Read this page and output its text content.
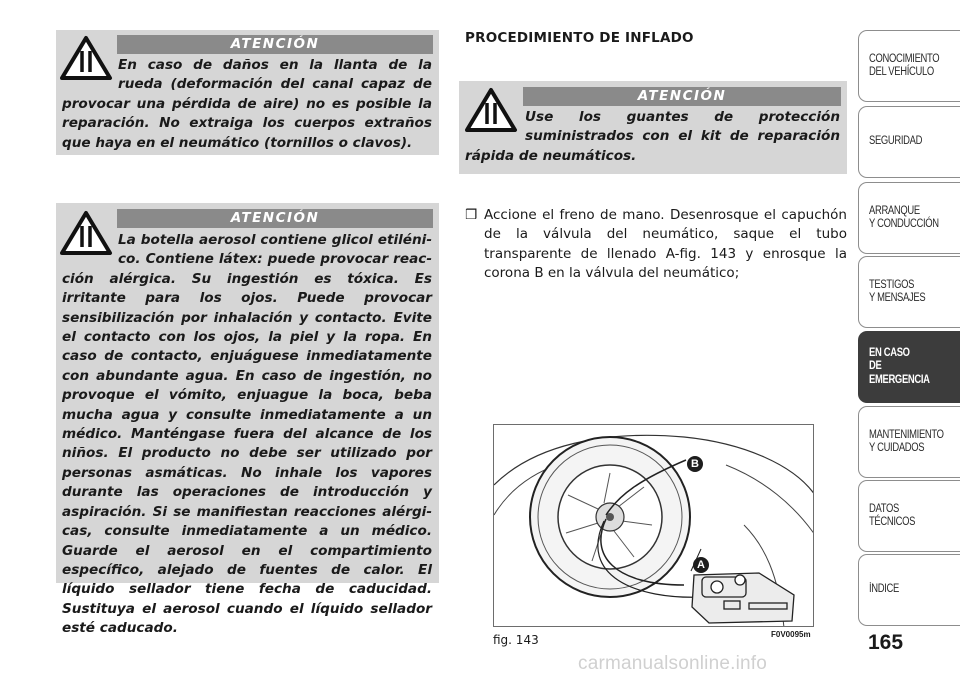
ATENCIÓN
En caso de daños en la llanta de la rueda (deformación del canal capaz de provocar una pérdida de aire) no es posible la reparación. No extraiga los cuerpos extraños que haya en el neumático (tornillos o clavos).
ATENCIÓN
La botella aerosol contiene glicol etilénico. Contiene látex: puede provocar reacción alérgica. Su ingestión es tóxica. Es irritante para los ojos. Puede provocar sensibilización por inhalación y contacto. Evite el contacto con los ojos, la piel y la ropa. En caso de contacto, enjuáguese inmediatamente con abundante agua. En caso de ingestión, no provoque el vómito, enjuague la boca, beba mucha agua y consulte inmediatamente a un médico. Manténgase fuera del alcance de los niños. El producto no debe ser utilizado por personas asmáticas. No inhale los vapores durante las operaciones de introducción y aspiración. Si se manifiestan reacciones alérgicas, consulte inmediatamente a un médico. Guarde el aerosol en el compartimiento específico, alejado de fuentes de calor. El líquido sellador tiene fecha de caducidad. Sustituya el aerosol cuando el líquido sellador esté caducado.
PROCEDIMIENTO DE INFLADO
ATENCIÓN
Use los guantes de protección suministrados con el kit de reparación rápida de neumáticos.
❒ Accione el freno de mano. Desenrosque el capuchón de la válvula del neumático, saque el tubo transparente de llenado A-fig. 143 y enrosque la corona B en la válvula del neumático;
B
A
fig. 143	F0V0095m	165
CONOCIMIENTO
DEL VEHÍCULO
SEGURIDAD
ARRANQUE
Y CONDUCCIÓN
TESTIGOS
Y MENSAJES
EN CASO
DE EMERGENCIA
MANTENIMIENTO
Y CUIDADOS
DATOS TÉCNICOS
ÍNDICE
carmanualsonline.info
